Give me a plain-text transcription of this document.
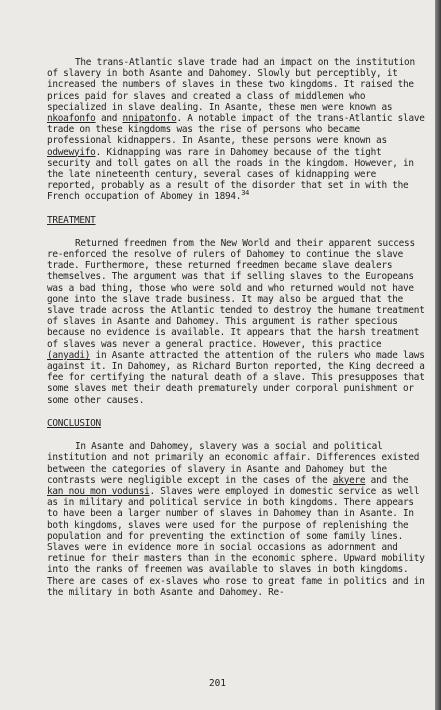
The trans-Atlantic slave trade had an impact on the institution of slavery in both Asante and Dahomey. Slowly but perceptibly, it increased the numbers of slaves in these two kingdoms. It raised the prices paid for slaves and created a class of middlemen who specialized in slave dealing. In Asante, these men were known as nkoafonfo and nnipatonfo. A notable impact of the trans-Atlantic slave trade on these kingdoms was the rise of persons who became professional kidnappers. In Asante, these persons were known as odwewyifo. Kidnapping was rare in Dahomey because of the tight security and toll gates on all the roads in the kingdom. However, in the late nineteenth century, several cases of kidnapping were reported, probably as a result of the disorder that set in with the French occupation of Abomey in 1894.34

TREATMENT

Returned freedmen from the New World and their apparent success re-enforced the resolve of rulers of Dahomey to continue the slave trade. Furthermore, these returned freedmen became slave dealers themselves. The argument was that if selling slaves to the Europeans was a bad thing, those who were sold and who returned would not have gone into the slave trade business. It may also be argued that the slave trade across the Atlantic tended to destroy the humane treatment of slaves in Asante and Dahomey. This argument is rather specious because no evidence is available. It appears that the harsh treatment of slaves was never a general practice. However, this practice (anyadi) in Asante attracted the attention of the rulers who made laws against it. In Dahomey, as Richard Burton reported, the King decreed a fee for certifying the natural death of a slave. This presupposes that some slaves met their death prematurely under corporal punishment or some other causes.

CONCLUSION

In Asante and Dahomey, slavery was a social and political institution and not primarily an economic affair. Differences existed between the categories of slavery in Asante and Dahomey but the contrasts were negligible except in the cases of the akyere and the kan nou mon vodunsi. Slaves were employed in domestic service as well as in military and political service in both kingdoms. There appears to have been a larger number of slaves in Dahomey than in Asante. In both kingdoms, slaves were used for the purpose of replenishing the population and for preventing the extinction of some family lines. Slaves were in evidence more in social occasions as adornment and retinue for their masters than in the economic sphere. Upward mobility into the ranks of freemen was available to slaves in both kingdoms. There are cases of ex-slaves who rose to great fame in politics and in the military in both Asante and Dahomey. Re-

201
